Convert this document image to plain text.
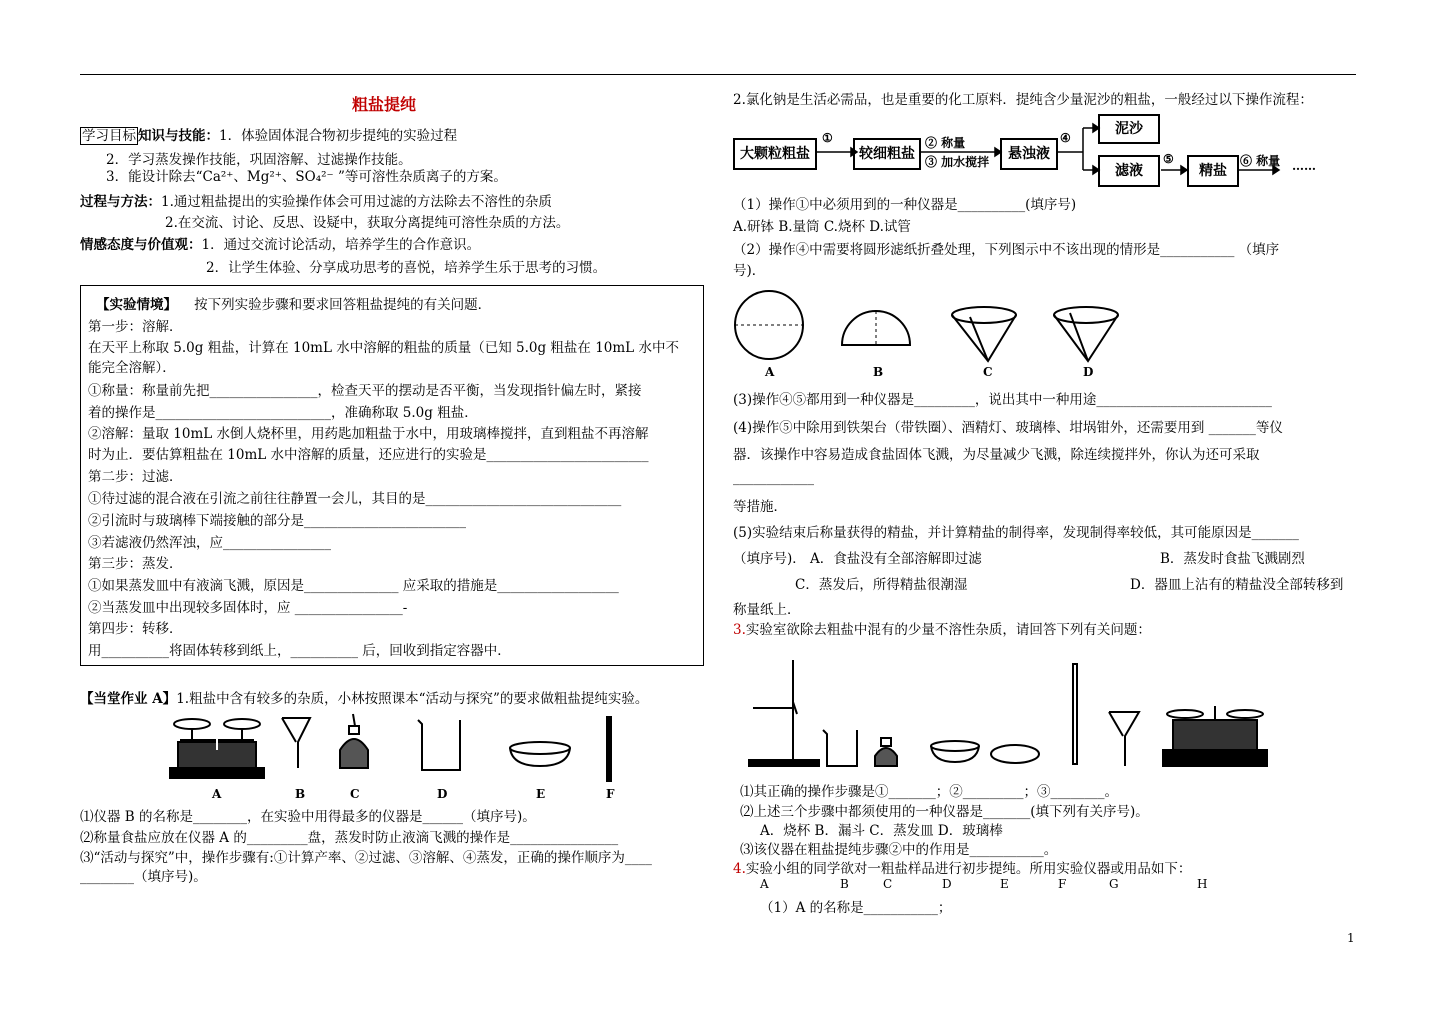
粗盐提纯
学习目标 知识与技能：1．体验固体混合物初步提纯的实验过程
2．学习蒸发操作技能，巩固溶解、过滤操作技能。
3．能设计除去“Ca²⁺、Mg²⁺、SO₄²⁻ ”等可溶性杂质离子的方案。
过程与方法：1.通过粗盐提出的实验操作体会可用过滤的方法除去不溶性的杂质
2.在交流、讨论、反思、设疑中，获取分离提纯可溶性杂质的方法。
情感态度与价值观：1．通过交流讨论活动，培养学生的合作意识。
2．让学生体验、分享成功思考的喜悦，培养学生乐于思考的习惯。
【实验情境】 按下列实验步骤和要求回答粗盐提纯的有关问题．
第一步：溶解．
在天平上称取 5.0g 粗盐，计算在 10mL 水中溶解的粗盐的质量（已知 5.0g 粗盐在 10mL 水中不
能完全溶解）．
①称量：称量前先把________________，检查天平的摆动是否平衡，当发现指针偏左时，紧接
着的操作是__________________________，准确称取 5.0g 粗盐．
②溶解：量取 10mL 水倒人烧杯里，用药匙加粗盐于水中，用玻璃棒搅拌，直到粗盐不再溶解
时为止．要估算粗盐在 10mL 水中溶解的质量，还应进行的实验是________________________
第二步：过滤．
①待过滤的混合液在引流之前往往静置一会儿，其目的是_____________________________
②引流时与玻璃棒下端接触的部分是________________________
③若滤液仍然浑浊，应________________
第三步：蒸发．
①如果蒸发皿中有液滴飞溅，原因是______________ 应采取的措施是__________________
②当蒸发皿中出现较多固体时，应 ________________-
第四步：转移．
用__________将固体转移到纸上，__________ 后，回收到指定容器中．
【当堂作业 A】1.粗盐中含有较多的杂质，小林按照课本“活动与探究”的要求做粗盐提纯实验。
A	B	C	D	E	F
⑴仪器 B 的名称是________，在实验中用得最多的仪器是______（填序号)。
⑵称量食盐应放在仪器 A 的_________盘，蒸发时防止液滴飞溅的操作是________________
⑶“活动与探究”中，操作步骤有:①计算产率、②过滤、③溶解、④蒸发，正确的操作顺序为____
________（填序号)。
2.氯化钠是生活必需品，也是重要的化工原料．提纯含少量泥沙的粗盐，一般经过以下操作流程：
大颗粒粗盐	较细粗盐	悬浊液
泥沙
滤液	精盐
①	② 称量
③ 加水搅拌
④
⑤	⑥ 称量 ……
（1）操作①中必须用到的一种仪器是__________(填序号)
A.研钵 B.量筒 C.烧杯 D.试管
（2）操作④中需要将圆形滤纸折叠处理，下列图示中不该出现的情形是___________ （填序
号)．
A	B	C	D
(3)操作④⑤都用到一种仪器是_________，说出其中一种用途__________________________
(4)操作⑤中除用到铁架台（带铁圈）、酒精灯、玻璃棒、坩埚钳外，还需要用到 _______等仪
器．该操作中容易造成食盐固体飞溅，为尽量减少飞溅，除连续搅拌外，你认为还可采取
____________
等措施．
(5)实验结束后称量获得的精盐，并计算精盐的制得率，发现制得率较低，其可能原因是_______
（填序号)． A．食盐没有全部溶解即过滤	B．蒸发时食盐飞溅剧烈
C．蒸发后，所得精盐很潮湿	D．器皿上沾有的精盐没全部转移到
称量纸上．
3.实验室欲除去粗盐中混有的少量不溶性杂质，请回答下列有关问题：
⑴其正确的操作步骤是①_______；②_________；③________。
⑵上述三个步骤中都须使用的一种仪器是_______(填下列有关序号)。
A．烧杯 B．漏斗 C．蒸发皿 D．玻璃棒
⑶该仪器在粗盐提纯步骤②中的作用是___________。
4.实验小组的同学欲对一粗盐样品进行初步提纯。所用实验仪器或用品如下：
A	B	C	D	E	F	G	H
（1）A 的名称是___________；
1
